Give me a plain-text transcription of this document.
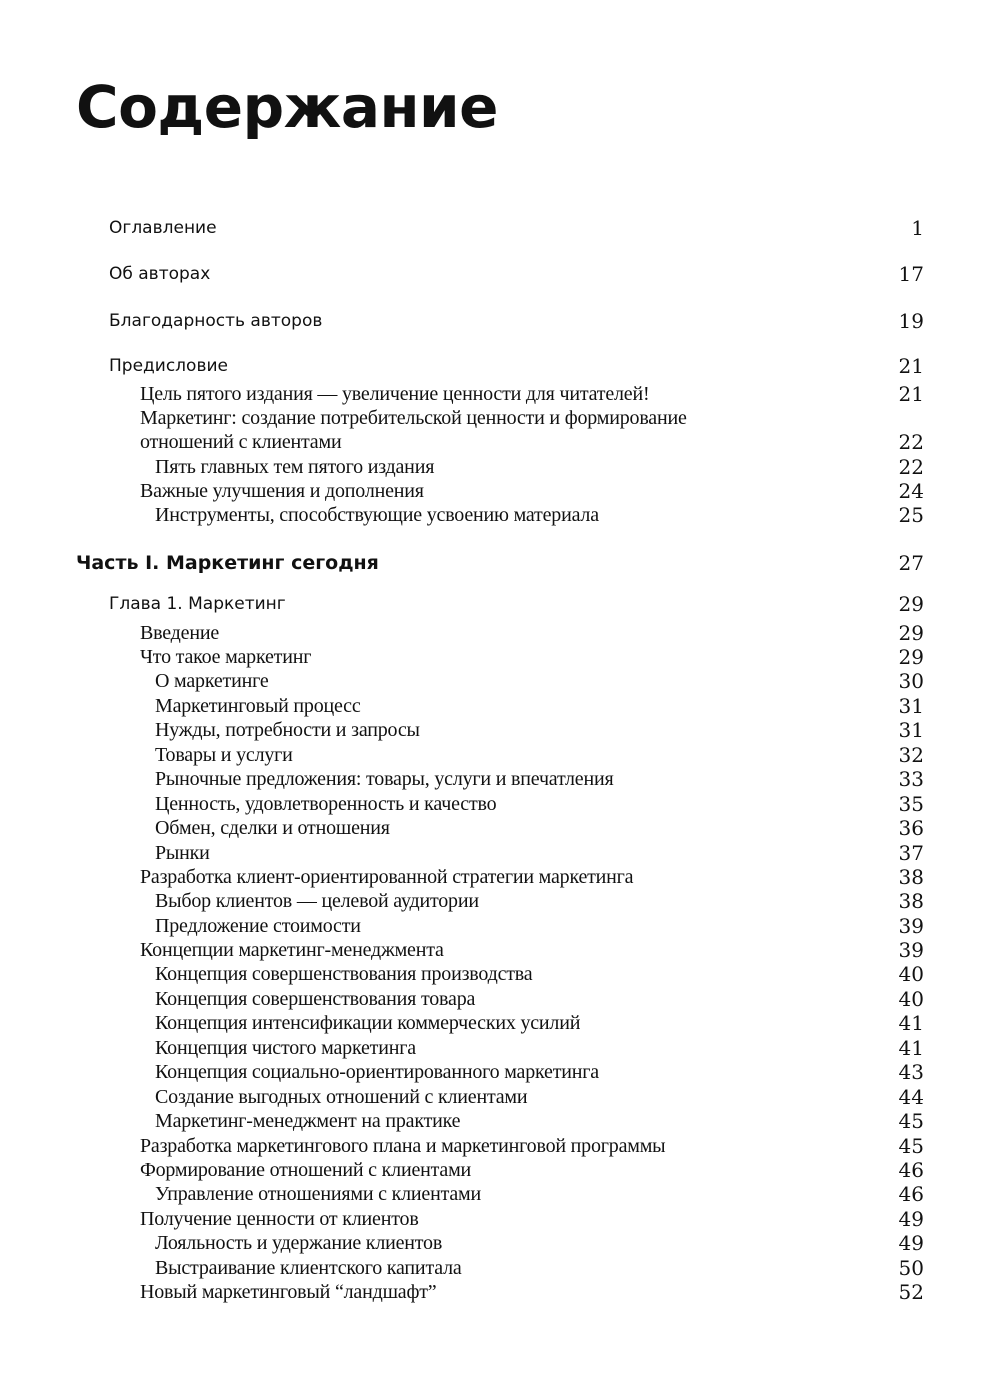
Содержание
Оглавление	1
Об авторах	17
Благодарность авторов	19
Предисловие	21
Цель пятого издания — увеличение ценности для читателей!	21
Маркетинг: создание потребительской ценности и формирование
отношений с клиентами	22
Пять главных тем пятого издания	22
Важные улучшения и дополнения	24
Инструменты, способствующие усвоению материала	25
Часть I. Маркетинг сегодня	27
Глава 1. Маркетинг	29
Введение	29
Что такое маркетинг	29
О маркетинге	30
Маркетинговый процесс	31
Нужды, потребности и запросы	31
Товары и услуги	32
Рыночные предложения: товары, услуги и впечатления	33
Ценность, удовлетворенность и качество	35
Обмен, сделки и отношения	36
Рынки	37
Разработка клиент-ориентированной стратегии маркетинга	38
Выбор клиентов — целевой аудитории	38
Предложение стоимости	39
Концепции маркетинг-менеджмента	39
Концепция совершенствования производства	40
Концепция совершенствования товара	40
Концепция интенсификации коммерческих усилий	41
Концепция чистого маркетинга	41
Концепция социально-ориентированного маркетинга	43
Создание выгодных отношений с клиентами	44
Маркетинг-менеджмент на практике	45
Разработка маркетингового плана и маркетинговой программы	45
Формирование отношений с клиентами	46
Управление отношениями с клиентами	46
Получение ценности от клиентов	49
Лояльность и удержание клиентов	49
Выстраивание клиентского капитала	50
Новый маркетинговый “ландшафт”	52
